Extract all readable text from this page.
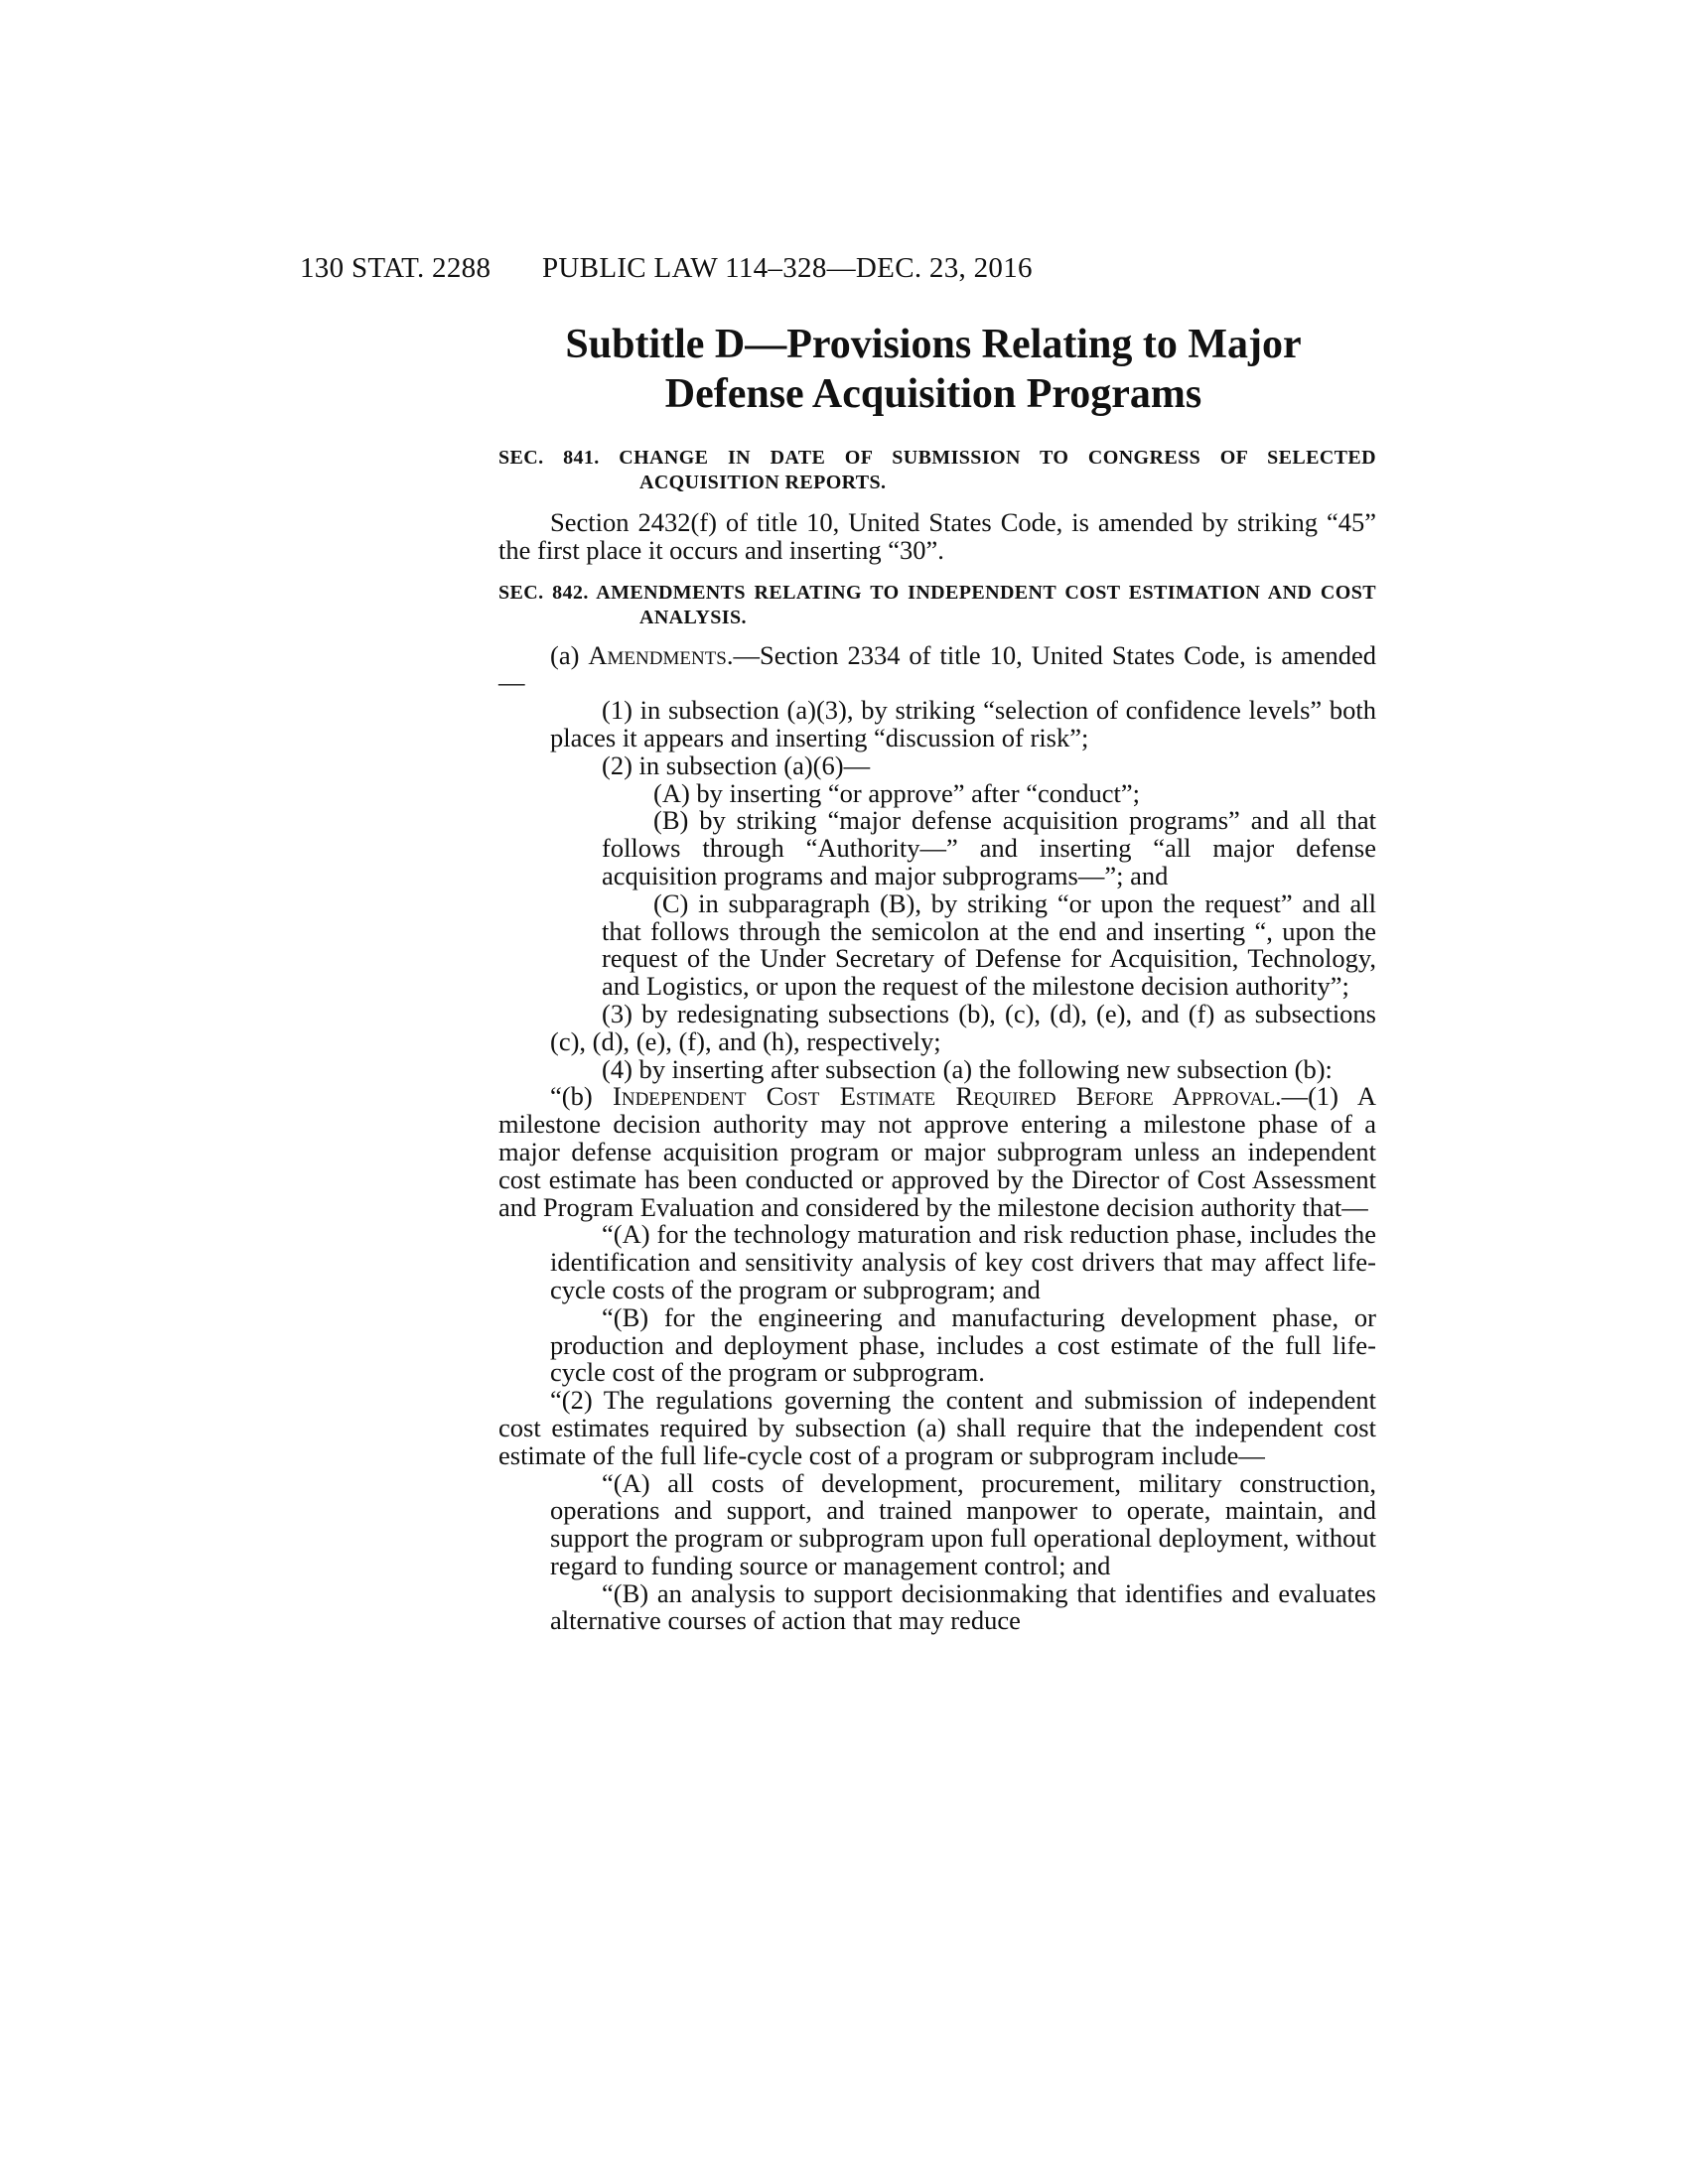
130 STAT. 2288 PUBLIC LAW 114–328—DEC. 23, 2016
Subtitle D—Provisions Relating to Major
Defense Acquisition Programs

SEC. 841. CHANGE IN DATE OF SUBMISSION TO CONGRESS OF SELECTED ACQUISITION REPORTS.

Section 2432(f) of title 10, United States Code, is amended by striking “45” the first place it occurs and inserting “30”.

SEC. 842. AMENDMENTS RELATING TO INDEPENDENT COST ESTIMATION AND COST ANALYSIS.

(a) Amendments.—Section 2334 of title 10, United States Code, is amended—

(1) in subsection (a)(3), by striking “selection of confidence levels” both places it appears and inserting “discussion of risk”;

(2) in subsection (a)(6)—

(A) by inserting “or approve” after “conduct”;

(B) by striking “major defense acquisition programs” and all that follows through “Authority—” and inserting “all major defense acquisition programs and major subprograms—”; and

(C) in subparagraph (B), by striking “or upon the request” and all that follows through the semicolon at the end and inserting “, upon the request of the Under Secretary of Defense for Acquisition, Technology, and Logistics, or upon the request of the milestone decision authority”;

(3) by redesignating subsections (b), (c), (d), (e), and (f) as subsections (c), (d), (e), (f), and (h), respectively;

(4) by inserting after subsection (a) the following new subsection (b):

“(b) Independent Cost Estimate Required Before Approval.—(1) A milestone decision authority may not approve entering a milestone phase of a major defense acquisition program or major subprogram unless an independent cost estimate has been conducted or approved by the Director of Cost Assessment and Program Evaluation and considered by the milestone decision authority that—

“(A) for the technology maturation and risk reduction phase, includes the identification and sensitivity analysis of key cost drivers that may affect life-cycle costs of the program or subprogram; and

“(B) for the engineering and manufacturing development phase, or production and deployment phase, includes a cost estimate of the full life-cycle cost of the program or subprogram.

“(2) The regulations governing the content and submission of independent cost estimates required by subsection (a) shall require that the independent cost estimate of the full life-cycle cost of a program or subprogram include—

“(A) all costs of development, procurement, military construction, operations and support, and trained manpower to operate, maintain, and support the program or subprogram upon full operational deployment, without regard to funding source or management control; and

“(B) an analysis to support decisionmaking that identifies and evaluates alternative courses of action that may reduce
